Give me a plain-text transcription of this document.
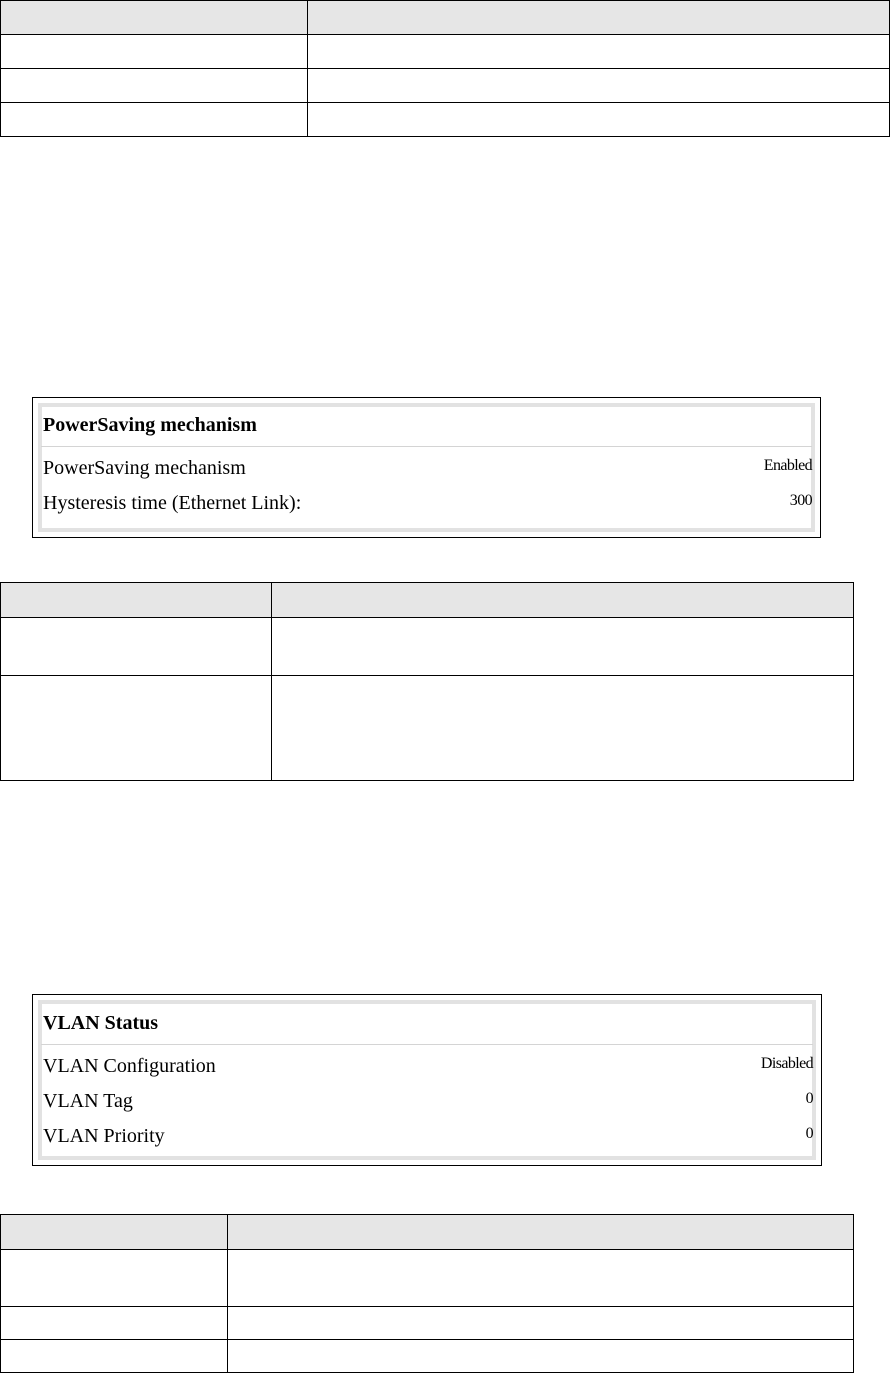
PowerSaving mechanism
PowerSaving mechanism	Enabled
Hysteresis time (Ethernet Link):	300

VLAN Status
VLAN Configuration	Disabled
VLAN Tag	0
VLAN Priority	0
